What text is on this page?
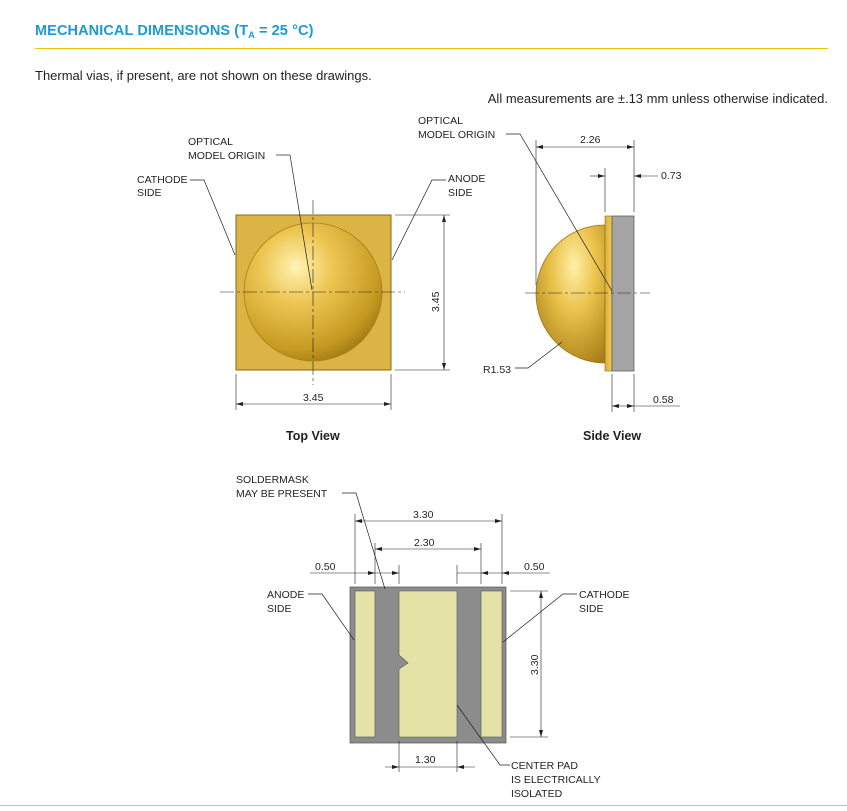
MECHANICAL DIMENSIONS ($T_A = 25$ °C)
Thermal vias, if present, are not shown on these drawings.
All measurements are ±.13 mm unless otherwise indicated.
OPTICAL
MODEL ORIGIN
CATHODE
SIDE
ANODE
SIDE
3.45
3.45
Top View
OPTICAL
MODEL ORIGIN	2.26
0.73
0.58
R1.53
Side View
SOLDERMASK
MAY BE PRESENT
3.30
2.30
0.50	0.50
ANODE
SIDE
CATHODE
SIDE
3.30
1.30	CENTER PAD
IS ELECTRICALLY
ISOLATED
